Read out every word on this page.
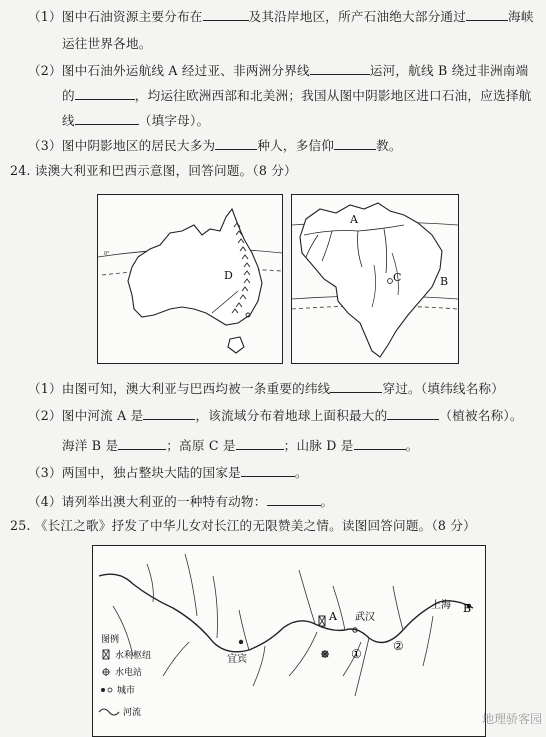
（1）图中石油资源主要分布在	及其沿岸地区，所产石油绝大部分通过	海峡
运往世界各地。
（2）图中石油外运航线 A 经过亚、非两洲分界线	运河，航线 B 绕过非洲南端
的	，均运往欧洲西部和北美洲；我国从图中阴影地区进口石油，应选择航
线	（填字母）。
（3）图中阴影地区的居民大多为	种人，多信仰	教。
24. 读澳大利亚和巴西示意图，回答问题。（8 分）
0°
D
A
C	B
（1）由图可知，澳大利亚与巴西均被一条重要的纬线	穿过。（填纬线名称）
（2）图中河流 A 是	，该流域分布着地球上面积最大的	（植被名称）。
海洋 B 是	；高原 C 是	；山脉 D 是	。
（3）两国中，独占整块大陆的国家是	。
（4）请列举出澳大利亚的一种特有动物：	。
25. 《长江之歌》抒发了中华儿女对长江的无限赞美之情。读图回答问题。（8 分）
A
①
②
宜宾
武汉
上海 B
图例
水利枢纽
水电站
城市
河流	地理骄客园
